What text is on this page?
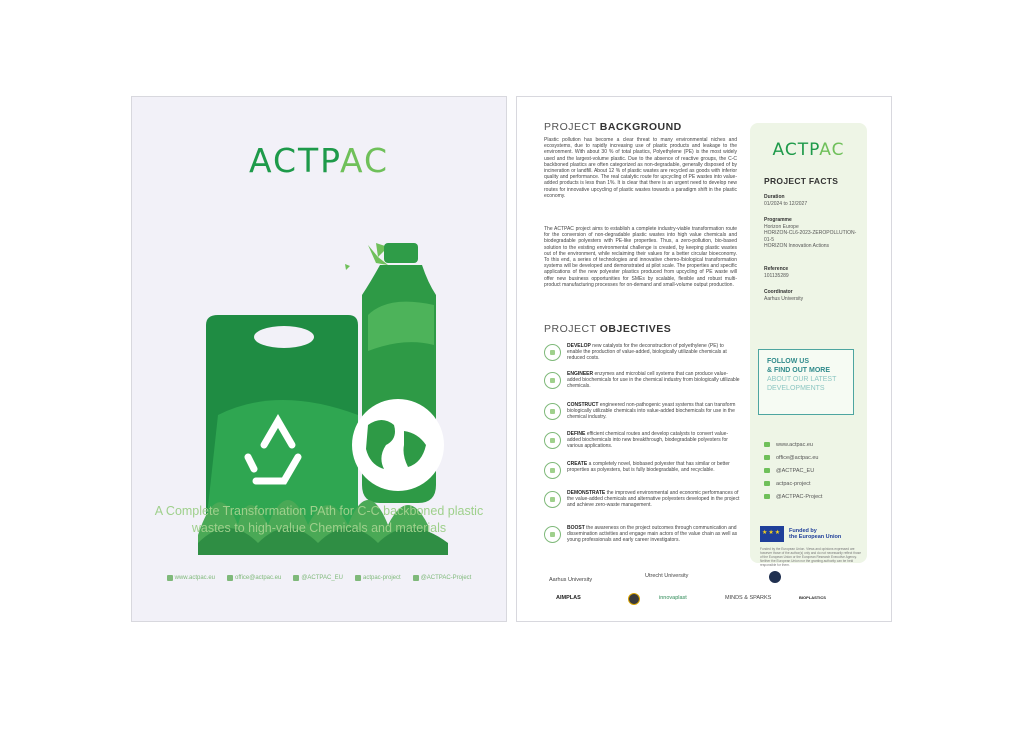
ACTPAC
A Complete Transformation PAth for C-C backboned plastic wastes to high-value Chemicals and materials
www.actpac.eu	office@actpac.eu	@ACTPAC_EU	actpac-project	@ACTPAC-Project
PROJECT BACKGROUND
Plastic pollution has become a clear threat to many environmental niches and ecosystems, due to rapidly increasing use of plastic products and leakage to the environment. With about 30 % of total plastics, Polyethylene (PE) is the most widely used and the largest-volume plastic. Due to the absence of reactive groups, the C-C backboned plastics are often categorized as non-degradable, generally disposed of by incineration or landfill. About 12 % of plastic wastes are recycled as goods with inferior quality and performance. The real catalytic route for upcycling of PE wastes into value-added products is less than 1%. It is clear that there is an urgent need to develop new routes for innovative upcycling of plastic wastes towards a paradigm shift in the plastic economy.
The ACTPAC project aims to establish a complete industry-viable transformation route for the conversion of non-degradable plastic wastes into high value chemicals and biodegradable polyesters with PE-like properties. Thus, a zero-pollution, bio-based solution to the existing environmental challenge is created, by keeping plastic wastes out of the environment, while reclaiming their values for a better circular bioeconomy. To this end, a series of technologies and innovative chemo-/biological transformation systems will be developed and demonstrated at pilot scale. The properties and specific applications of the new polyester plastics produced from upcycling of PE waste will offer new business opportunities for SMEs by scalable, flexible and robust multi-product manufacturing processes for on-demand and small-volume output production.
PROJECT OBJECTIVES
DEVELOP new catalysts for the deconstruction of polyethylene (PE) to enable the production of value-added, biologically utilizable chemicals at reduced costs.
ENGINEER enzymes and microbial cell systems that can produce value-added biochemicals for use in the chemical industry from biologically utilizable chemicals.
CONSTRUCT engineered non-pathogenic yeast systems that can transform biologically utilizable chemicals into value-added biochemicals for use in the chemical industry.
DEFINE efficient chemical routes and develop catalysts to convert value-added biochemicals into new breakthrough, biodegradable polyesters for various applications.
CREATE a completely novel, biobased polyester that has similar or better properties as polyesters, but is fully biodegradable, and recyclable.
DEMONSTRATE the improved environmental and economic performances of the value-added chemicals and alternative polyesters developed in the project and achieve zero-waste management.
BOOST the awareness on the project outcomes through communication and dissemination activities and engage main actors of the value chain as well as young professionals and early career investigators.
ACTPAC
PROJECT FACTS
Duration
01/2024 to 12/2027
Programme
Horizon Europe
HORIZON-CL6-2023-ZEROPOLLUTION-01-5
HORIZON Innovation Actions
Reference
101135289
Coordinator
Aarhus University
FOLLOW US
& FIND OUT MORE
ABOUT OUR LATEST DEVELOPMENTS
www.actpac.eu
office@actpac.eu
@ACTPAC_EU
actpac-project
@ACTPAC-Project
★★★
Funded by
the European Union
Funded by the European Union. Views and opinions expressed are however those of the author(s) only and do not necessarily reflect those of the European Union or the European Research Executive Agency. Neither the European Union nor the granting authority can be held responsible for them.
Aarhus University
Utrecht University
AIMPLAS	innovaplast	MINDS & SPARKS	BIOPLASTICS
